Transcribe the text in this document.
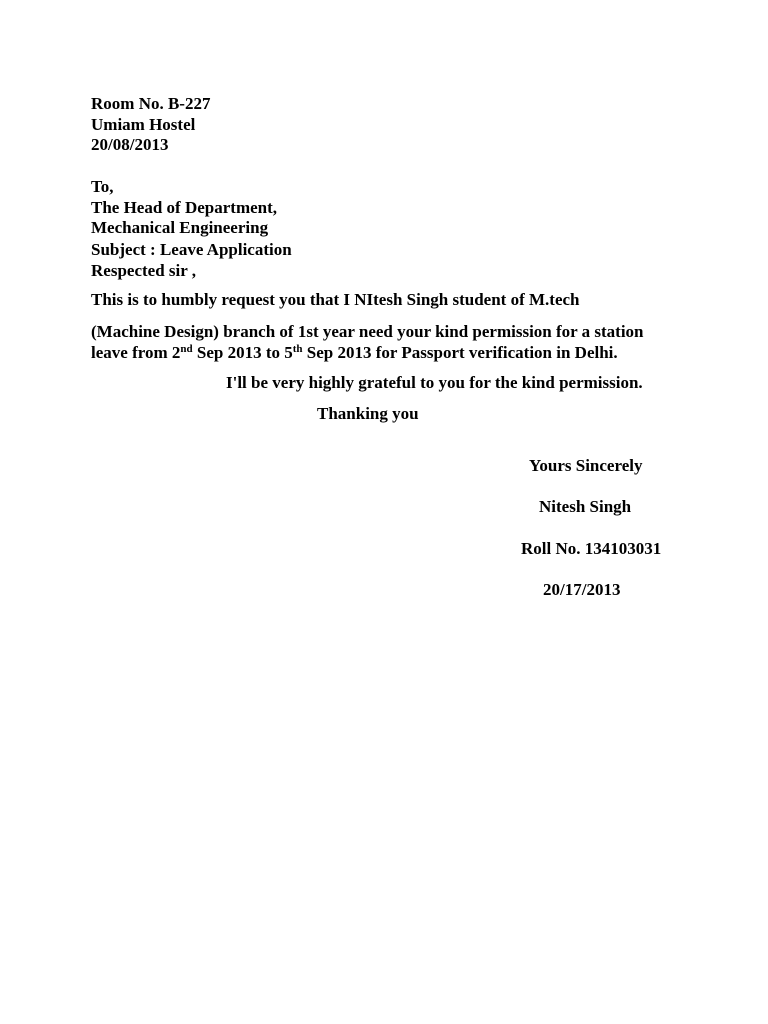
Room No. B-227
Umiam Hostel
20/08/2013
To,
The Head of Department,
Mechanical Engineering
Subject : Leave Application
Respected sir ,
This is to humbly request you that I NItesh Singh student of M.tech
(Machine Design) branch of 1st year need your kind permission for a station
leave from 2nd Sep 2013 to 5th Sep 2013 for Passport verification in Delhi.
I'll be very highly grateful to you for the kind permission.
Thanking you
Yours Sincerely
Nitesh Singh
Roll No. 134103031
20/17/2013
